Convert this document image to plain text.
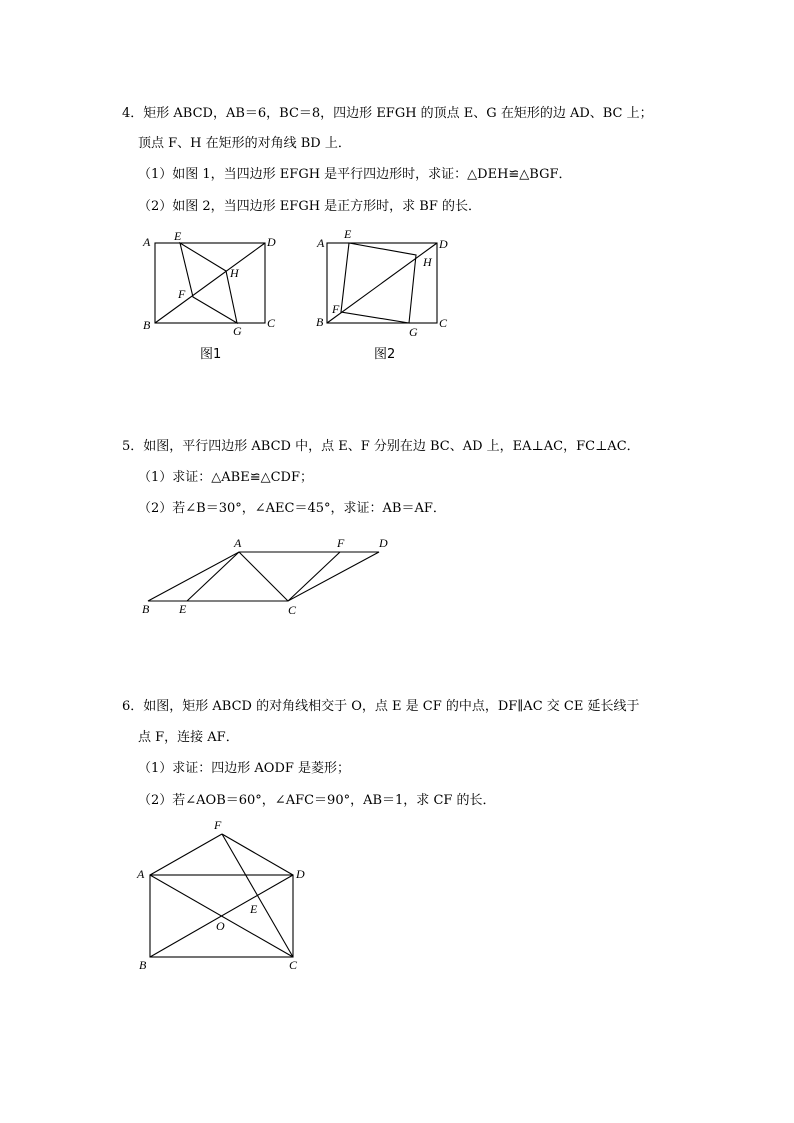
4．矩形 ABCD，AB＝6，BC＝8，四边形 EFGH 的顶点 E、G 在矩形的边 AD、BC 上；
顶点 F、H 在矩形的对角线 BD 上．
（1）如图 1，当四边形 EFGH 是平行四边形时，求证：△DEH≌△BGF．
（2）如图 2，当四边形 EFGH 是正方形时，求 BF 的长．
A E	D
H
F
B	G
C
图1
A
E
D
H
F
B
G
C
图2
5．如图，平行四边形 ABCD 中，点 E、F 分别在边 BC、AD 上，EA⊥AC，FC⊥AC．
（1）求证：△ABE≌△CDF；
（2）若∠B＝30°，∠AEC＝45°，求证：AB＝AF．
A	F	D
B E	C
6．如图，矩形 ABCD 的对角线相交于 O，点 E 是 CF 的中点，DF∥AC 交 CE 延长线于
点 F，连接 AF．
（1）求证：四边形 AODF 是菱形；
（2）若∠AOB＝60°，∠AFC＝90°，AB＝1，求 CF 的长．
F
A	D
E
O
B	C
